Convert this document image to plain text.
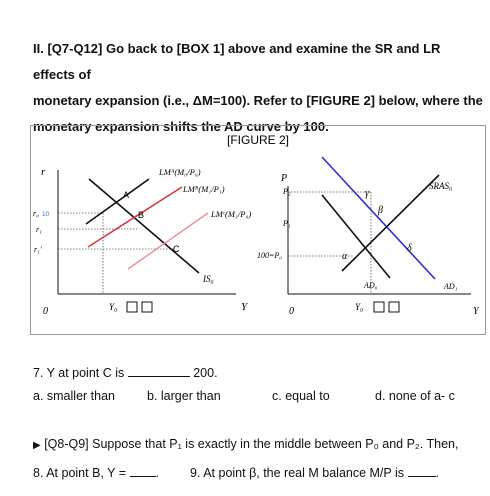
II. [Q7-Q12] Go back to [BOX 1] above and examine the SR and LR effects of
monetary expansion (i.e., ΔM=100). Refer to [FIGURE 2] below, where the
monetary expansion shifts the AD curve by 100.
[FIGURE 2]
r
Y
0
r₀ 10
r₁
r₁'
LMᴬ(M₀/P₀)
LMᴮ(M₁/P₁)
LMᶜ(M₁/P₀)
IS₀
A
B
C
Y₀
P
Y
0
P₂
P₁
100=P₀
SRAS₀
AD₀	AD₁
γ
β
α
δ
Y₀
7. Y at point C is	200.
a. smaller than	b. larger than	c. equal to	d. none of a- c
▶ [Q8-Q9] Suppose that P₁ is exactly in the middle between P₀ and P₂. Then,
8. At point B, Y = . 9. At point β, the real M balance M/P is	.
